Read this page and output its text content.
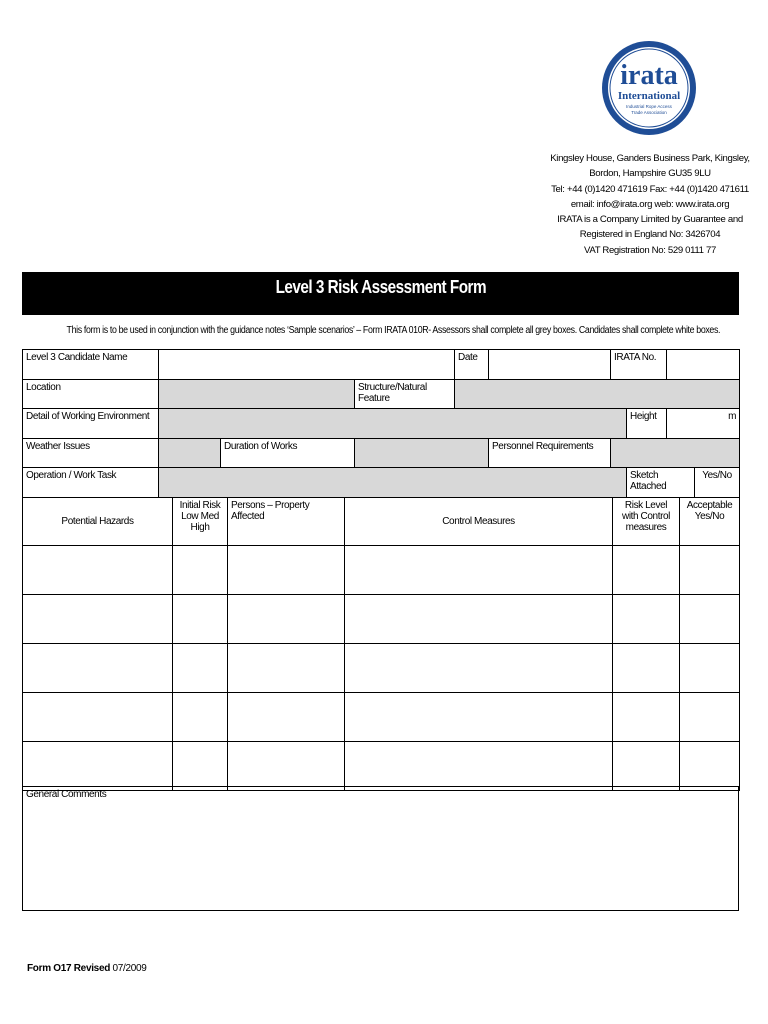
irata
International
Industrial Rope Access
Trade Association
Kingsley House, Ganders Business Park, Kingsley,
Bordon, Hampshire GU35 9LU
Tel: +44 (0)1420 471619 Fax: +44 (0)1420 471611
email: info@irata.org web: www.irata.org
IRATA is a Company Limited by Guarantee and
Registered in England No: 3426704
VAT Registration No: 529 0111 77
Level 3 Risk Assessment Form
This form is to be used in conjunction with the guidance notes ‘Sample scenarios’ – Form IRATA 010R- Assessors shall complete all grey boxes. Candidates shall complete white boxes.
Level 3 Candidate Name				Date		IRATA No.			
Location			Structure/Natural Feature						
Detail of Working Environment							Height	m	
Weather Issues		Duration of Works			Personnel Requirements				
Operation / Work Task							Sketch Attached		Yes/No
Potential Hazards	Initial Risk Low Med High	Persons – Property Affected	Control Measures	Risk Level with Control measures	Acceptable Yes/No

General Comments
Form O17 Revised 07/2009
